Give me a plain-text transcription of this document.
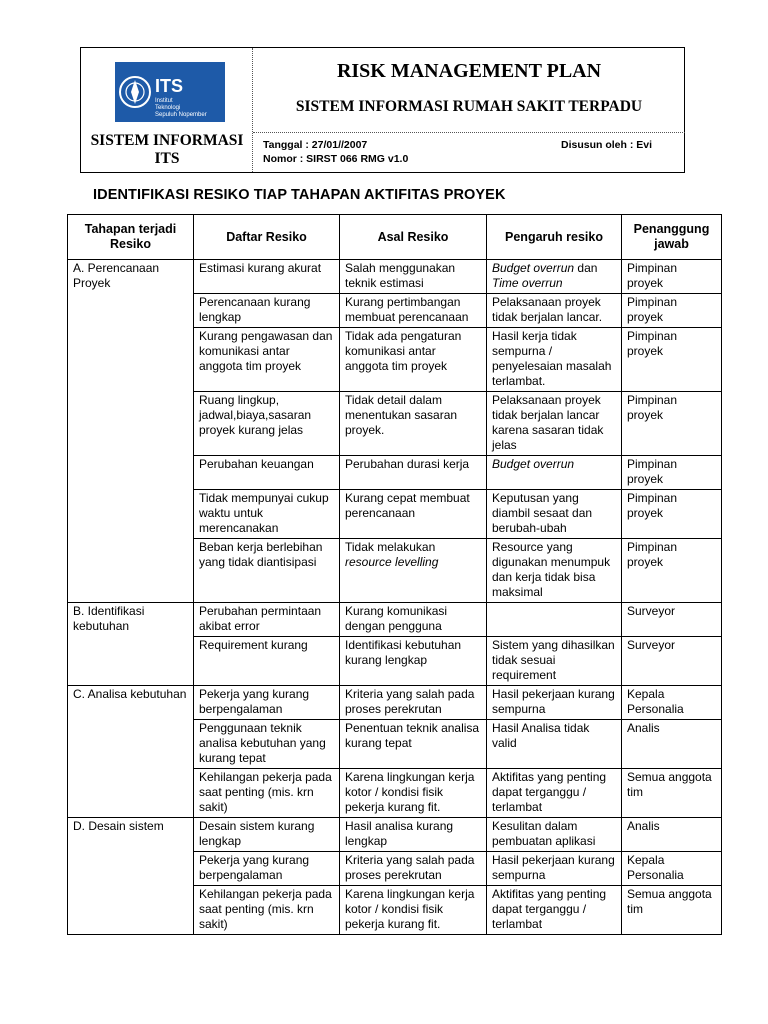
ITS
Institut
Teknologi
Sepuluh Nopember
SISTEM INFORMASI
ITS
RISK MANAGEMENT PLAN
SISTEM INFORMASI RUMAH SAKIT TERPADU
Tanggal : 27/01//2007
Nomor : SIRST 066 RMG v1.0
Disusun oleh : Evi
IDENTIFIKASI RESIKO TIAP TAHAPAN AKTIFITAS PROYEK
Tahapan terjadi Resiko	Daftar Resiko	Asal Resiko	Pengaruh resiko	Penanggung jawab
A. Perencanaan Proyek	Estimasi kurang akurat	Salah menggunakan teknik estimasi	Budget overrun dan Time overrun	Pimpinan proyek
	Perencanaan kurang lengkap	Kurang pertimbangan membuat perencanaan	Pelaksanaan proyek tidak berjalan lancar.	Pimpinan proyek
	Kurang pengawasan dan komunikasi antar anggota tim proyek	Tidak ada pengaturan komunikasi antar anggota tim proyek	Hasil kerja tidak sempurna / penyelesaian masalah terlambat.	Pimpinan proyek
	Ruang lingkup, jadwal,biaya,sasaran proyek kurang jelas	Tidak detail dalam menentukan sasaran proyek.	Pelaksanaan proyek tidak berjalan lancar karena sasaran tidak jelas	Pimpinan proyek
	Perubahan keuangan	Perubahan durasi kerja	Budget overrun	Pimpinan proyek
	Tidak mempunyai cukup waktu untuk merencanakan	Kurang cepat membuat perencanaan	Keputusan yang diambil sesaat dan berubah-ubah	Pimpinan proyek
	Beban kerja berlebihan yang tidak diantisipasi	Tidak melakukan resource levelling	Resource yang digunakan menumpuk dan kerja tidak bisa maksimal	Pimpinan proyek
B. Identifikasi kebutuhan	Perubahan permintaan akibat error	Kurang komunikasi dengan pengguna		Surveyor
	Requirement kurang	Identifikasi kebutuhan kurang lengkap	Sistem yang dihasilkan tidak sesuai requirement	Surveyor
C. Analisa kebutuhan	Pekerja yang kurang berpengalaman	Kriteria yang salah pada proses perekrutan	Hasil pekerjaan kurang sempurna	Kepala Personalia
	Penggunaan teknik analisa kebutuhan yang kurang tepat	Penentuan teknik analisa kurang tepat	Hasil Analisa tidak valid	Analis
	Kehilangan pekerja pada saat penting (mis. krn sakit)	Karena lingkungan kerja kotor / kondisi fisik pekerja kurang fit.	Aktifitas yang penting dapat terganggu / terlambat	Semua anggota tim
D. Desain sistem	Desain sistem kurang lengkap	Hasil analisa kurang lengkap	Kesulitan dalam pembuatan aplikasi	Analis
	Pekerja yang kurang berpengalaman	Kriteria yang salah pada proses perekrutan	Hasil pekerjaan kurang sempurna	Kepala Personalia
	Kehilangan pekerja pada saat penting (mis. krn sakit)	Karena lingkungan kerja kotor / kondisi fisik pekerja kurang fit.	Aktifitas yang penting dapat terganggu / terlambat	Semua anggota tim
